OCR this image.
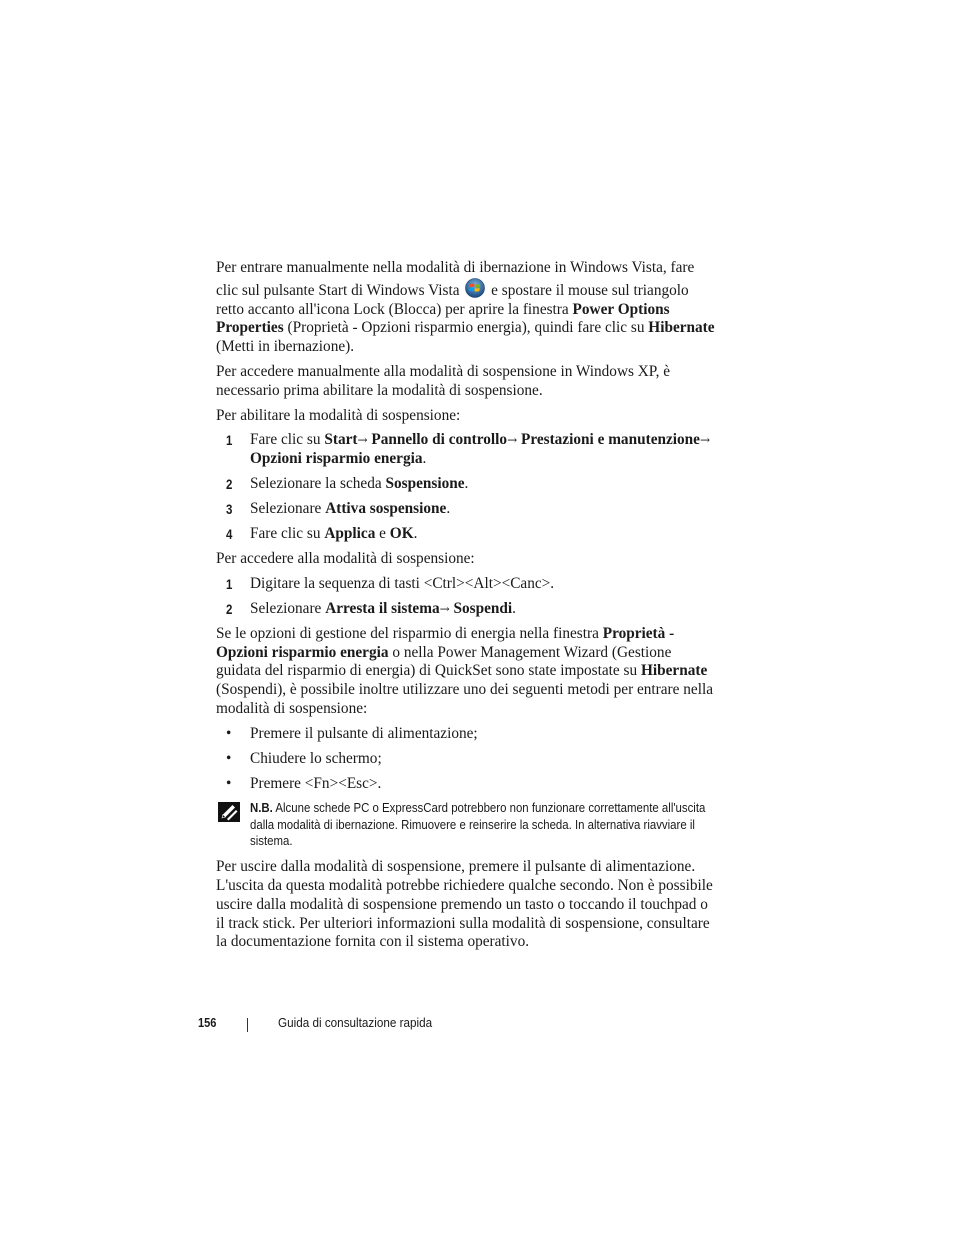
Per entrare manualmente nella modalità di ibernazione in Windows Vista, fare clic sul pulsante Start di Windows Vista e spostare il mouse sul triangolo retto accanto all'icona Lock (Blocca) per aprire la finestra Power Options Properties (Proprietà - Opzioni risparmio energia), quindi fare clic su Hibernate (Metti in ibernazione).

Per accedere manualmente alla modalità di sospensione in Windows XP, è necessario prima abilitare la modalità di sospensione.

Per abilitare la modalità di sospensione:

1 Fare clic su Start→ Pannello di controllo→ Prestazioni e manutenzione→ Opzioni risparmio energia.
2 Selezionare la scheda Sospensione.
3 Selezionare Attiva sospensione.
4 Fare clic su Applica e OK.

Per accedere alla modalità di sospensione:

1 Digitare la sequenza di tasti <Ctrl><Alt><Canc>.
2 Selezionare Arresta il sistema→ Sospendi.

Se le opzioni di gestione del risparmio di energia nella finestra Proprietà - Opzioni risparmio energia o nella Power Management Wizard (Gestione guidata del risparmio di energia) di QuickSet sono state impostate su Hibernate (Sospendi), è possibile inoltre utilizzare uno dei seguenti metodi per entrare nella modalità di sospensione:

• Premere il pulsante di alimentazione;
• Chiudere lo schermo;
• Premere <Fn><Esc>.
N.B. Alcune schede PC o ExpressCard potrebbero non funzionare correttamente all'uscita dalla modalità di ibernazione. Rimuovere e reinserire la scheda. In alternativa riavviare il sistema.

Per uscire dalla modalità di sospensione, premere il pulsante di alimentazione. L'uscita da questa modalità potrebbe richiedere qualche secondo. Non è possibile uscire dalla modalità di sospensione premendo un tasto o toccando il touchpad o il track stick. Per ulteriori informazioni sulla modalità di sospensione, consultare la documentazione fornita con il sistema operativo.

156	Guida di consultazione rapida
